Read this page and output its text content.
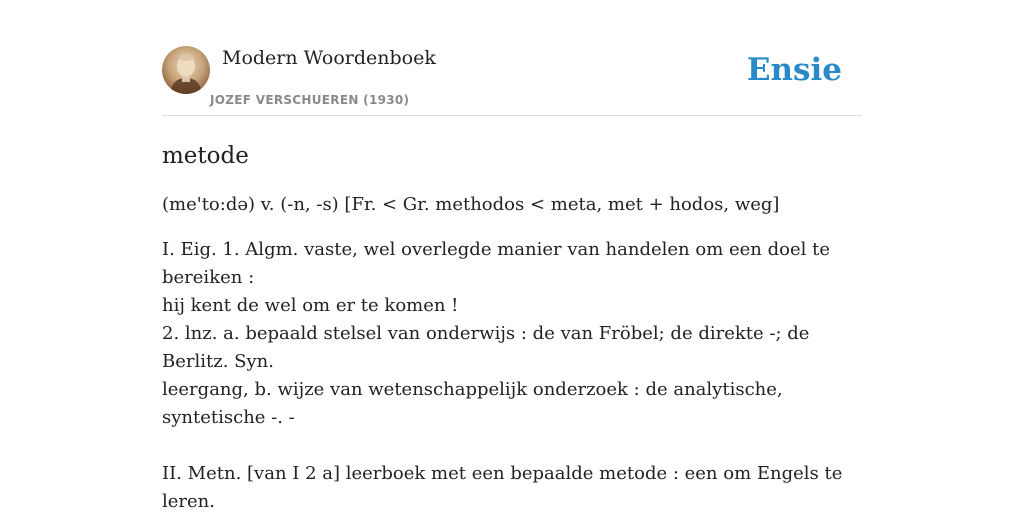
Modern Woordenboek
JOZEF VERSCHUEREN (1930)
Ensie
metode
(me'to:də) v. (-n, -s) [Fr. < Gr. methodos < meta, met + hodos, weg]

I. Eig. 1. Algm. vaste, wel overlegde manier van handelen om een doel te bereiken :

hij kent de wel om er te komen !

2. lnz. a. bepaald stelsel van onderwijs : de van Fröbel; de direkte -; de Berlitz. Syn.

leergang, b. wijze van wetenschappelijk onderzoek : de analytische, syntetische -. -

II. Metn. [van I 2 a] leerboek met een bepaalde metode : een om Engels te leren.
